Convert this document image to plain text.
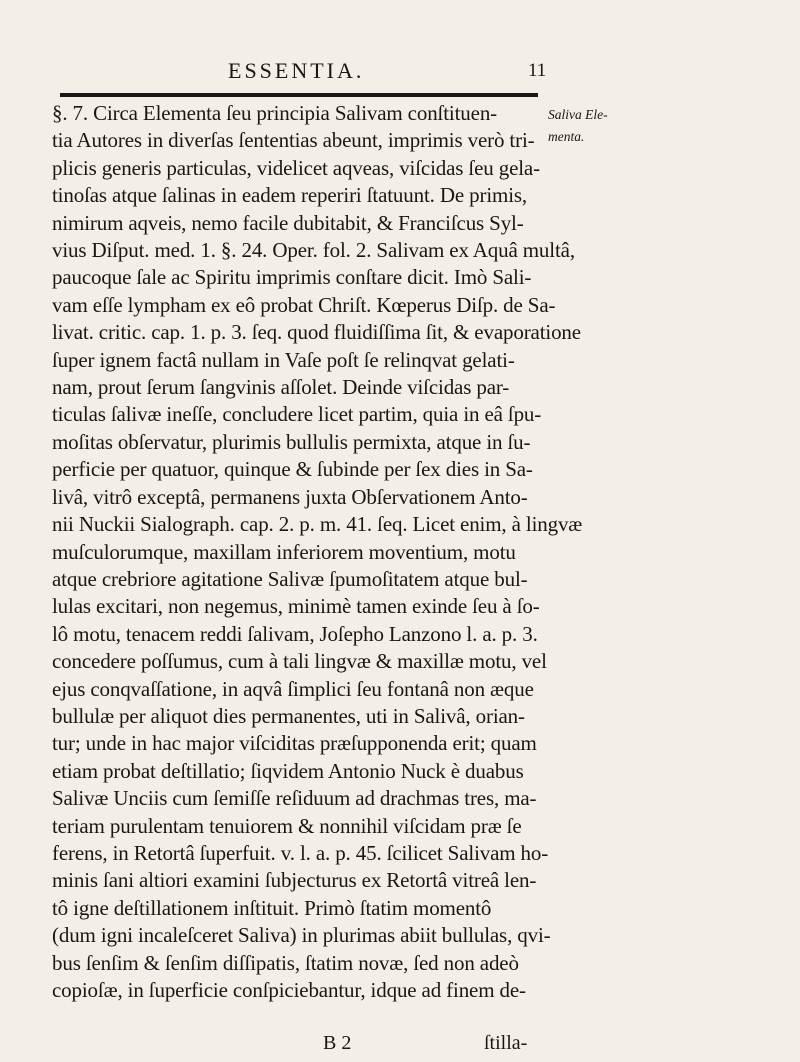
ESSENTIA.	11
§. 7. Circa Elementa ſeu principia Salivam conſtituen-
tia Autores in diverſas ſententias abeunt, imprimis verò tri-
plicis generis particulas, videlicet aqveas, viſcidas ſeu gela-
tinoſas atque ſalinas in eadem reperiri ſtatuunt. De primis,
nimirum aqveis, nemo facile dubitabit, & Franciſcus Syl-
vius Diſput. med. 1. §. 24. Oper. fol. 2. Salivam ex Aquâ multâ,
paucoque ſale ac Spiritu imprimis conſtare dicit. Imò Sali-
vam eſſe lympham ex eô probat Chriſt. Kœperus Diſp. de Sa-
livat. critic. cap. 1. p. 3. ſeq. quod fluidiſſima ſit, & evaporatione
ſuper ignem factâ nullam in Vaſe poſt ſe relinqvat gelati-
nam, prout ſerum ſangvinis aſſolet. Deinde viſcidas par-
ticulas ſalivæ ineſſe, concludere licet partim, quia in eâ ſpu-
moſitas obſervatur, plurimis bullulis permixta, atque in ſu-
perficie per quatuor, quinque & ſubinde per ſex dies in Sa-
livâ, vitrô exceptâ, permanens juxta Obſervationem Anto-
nii Nuckii Sialograph. cap. 2. p. m. 41. ſeq. Licet enim, à lingvæ
muſculorumque, maxillam inferiorem moventium, motu
atque crebriore agitatione Salivæ ſpumoſitatem atque bul-
lulas excitari, non negemus, minimè tamen exinde ſeu à ſo-
lô motu, tenacem reddi ſalivam, Joſepho Lanzono l. a. p. 3.
concedere poſſumus, cum à tali lingvæ & maxillæ motu, vel
ejus conqvaſſatione, in aqvâ ſimplici ſeu fontanâ non æque
bullulæ per aliquot dies permanentes, uti in Salivâ, orian-
tur; unde in hac major viſciditas præſupponenda erit; quam
etiam probat deſtillatio; ſiqvidem Antonio Nuck è duabus
Salivæ Unciis cum ſemiſſe reſiduum ad drachmas tres, ma-
teriam purulentam tenuiorem & nonnihil viſcidam præ ſe
ferens, in Retortâ ſuperfuit. v. l. a. p. 45. ſcilicet Salivam ho-
minis ſani altiori examini ſubjecturus ex Retortâ vitreâ len-
tô igne deſtillationem inſtituit. Primò ſtatim momentô
(dum igni incaleſceret Saliva) in plurimas abiit bullulas, qvi-
bus ſenſim & ſenſim diſſipatis, ſtatim novæ, ſed non adeò
copioſæ, in ſuperficie conſpiciebantur, idque ad finem de-
Saliva Ele-
menta.
B 2	ſtilla-
